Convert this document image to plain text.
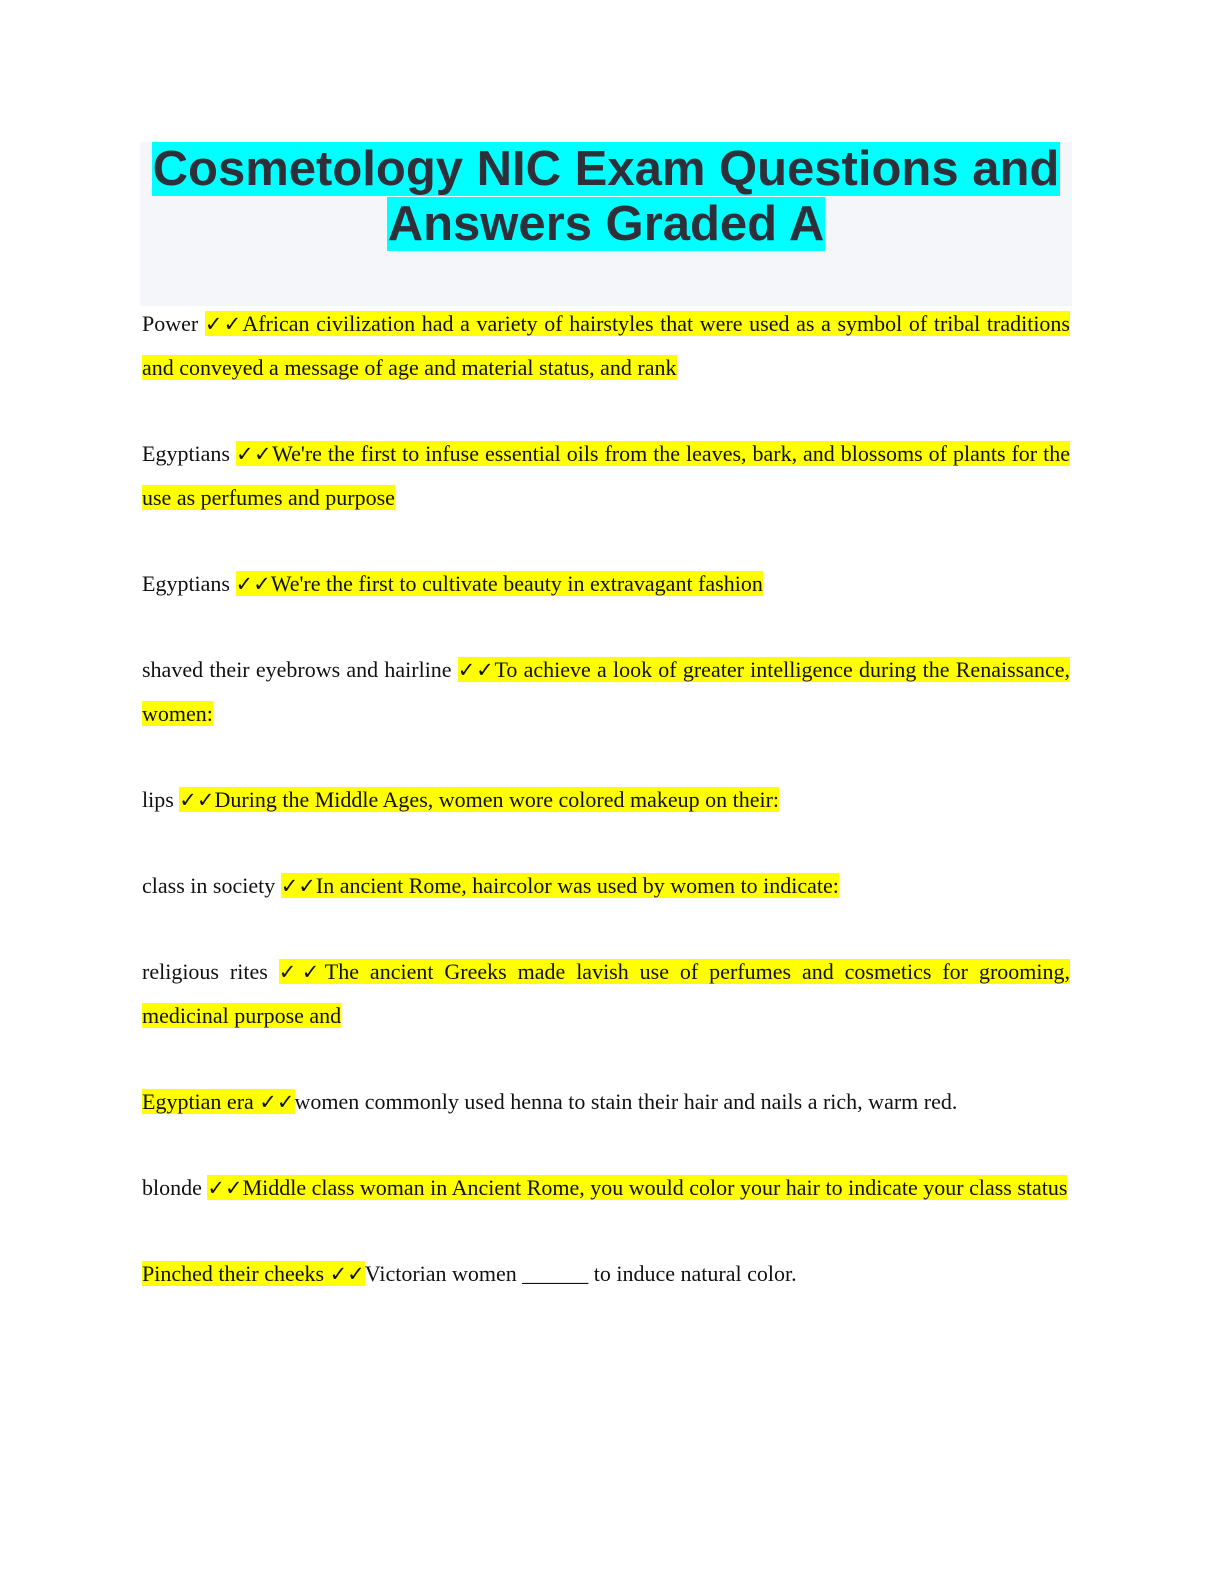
Cosmetology NIC Exam Questions and
Answers Graded A

Power ✓✓African civilization had a variety of hairstyles that were used as a symbol of tribal traditions and conveyed a message of age and material status, and rank

Egyptians ✓✓We're the first to infuse essential oils from the leaves, bark, and blossoms of plants for the use as perfumes and purpose

Egyptians ✓✓We're the first to cultivate beauty in extravagant fashion

shaved their eyebrows and hairline ✓✓To achieve a look of greater intelligence during the Renaissance, women:

lips ✓✓During the Middle Ages, women wore colored makeup on their:

class in society ✓✓In ancient Rome, haircolor was used by women to indicate:

religious rites ✓✓The ancient Greeks made lavish use of perfumes and cosmetics for grooming, medicinal purpose and

Egyptian era ✓✓women commonly used henna to stain their hair and nails a rich, warm red.

blonde ✓✓Middle class woman in Ancient Rome, you would color your hair to indicate your class status

Pinched their cheeks ✓✓Victorian women ______ to induce natural color.
